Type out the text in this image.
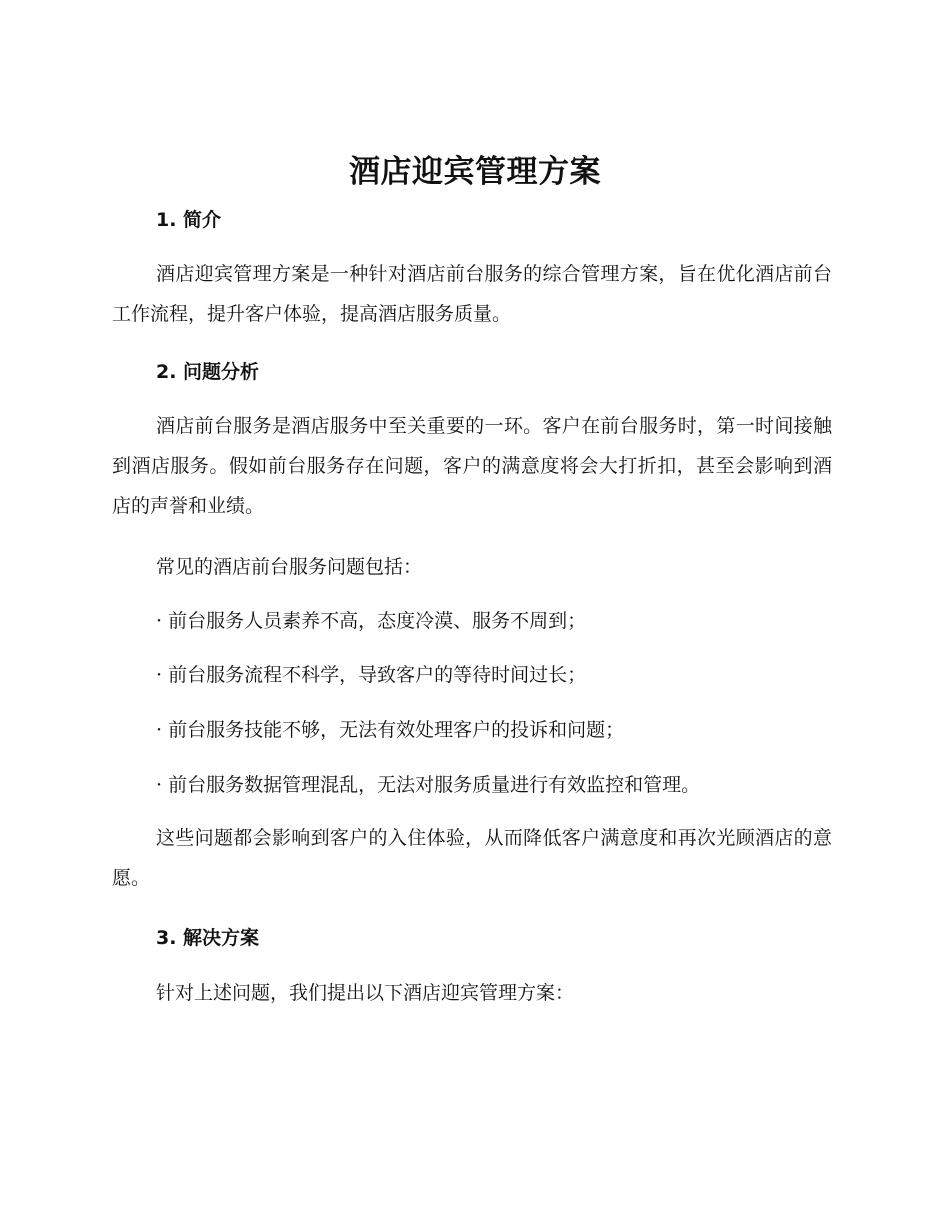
酒店迎宾管理方案
1. 简介
酒店迎宾管理方案是一种针对酒店前台服务的综合管理方案，旨在优化酒店前台工作流程，提升客户体验，提高酒店服务质量。
2. 问题分析
酒店前台服务是酒店服务中至关重要的一环。客户在前台服务时，第一时间接触到酒店服务。假如前台服务存在问题，客户的满意度将会大打折扣，甚至会影响到酒店的声誉和业绩。
常见的酒店前台服务问题包括：
· 前台服务人员素养不高，态度冷漠、服务不周到；
· 前台服务流程不科学，导致客户的等待时间过长；
· 前台服务技能不够，无法有效处理客户的投诉和问题；
· 前台服务数据管理混乱，无法对服务质量进行有效监控和管理。
这些问题都会影响到客户的入住体验，从而降低客户满意度和再次光顾酒店的意愿。
3. 解决方案
针对上述问题，我们提出以下酒店迎宾管理方案：
